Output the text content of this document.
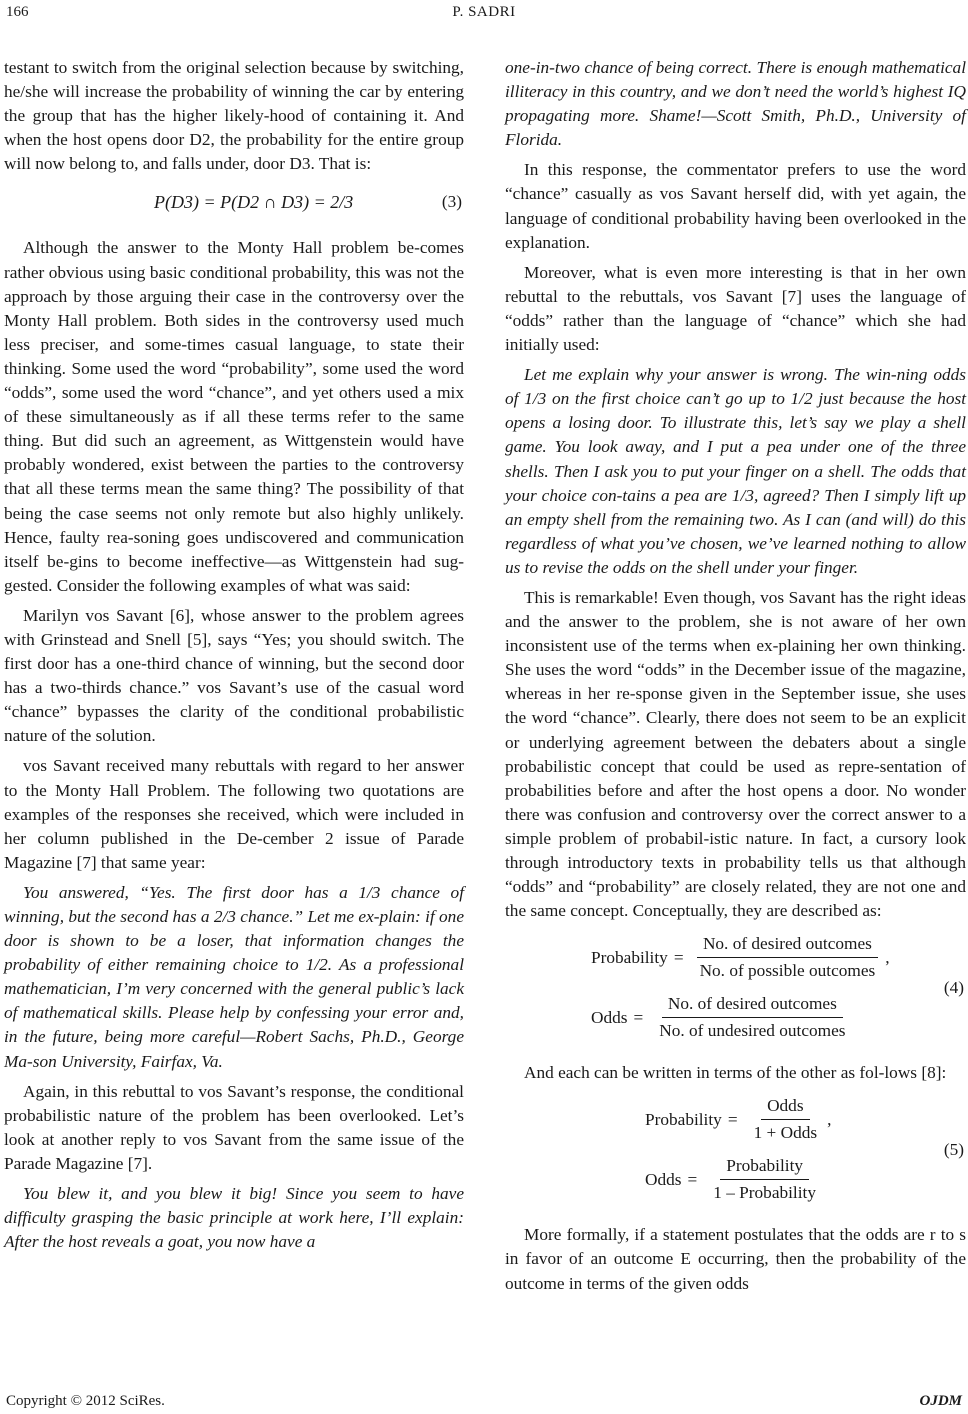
166	P. SADRI

testant to switch from the original selection because by switching, he/she will increase the probability of winning the car by entering the group that has the higher likely-hood of containing it. And when the host opens door D2, the probability for the entire group will now belong to, and falls under, door D3. That is:

P(D3) = P(D2 ∩ D3) = 2/3	(3)

Although the answer to the Monty Hall problem be-comes rather obvious using basic conditional probability, this was not the approach by those arguing their case in the controversy over the Monty Hall problem. Both sides in the controversy used much less preciser, and some-times casual language, to state their thinking. Some used the word “probability”, some used the word “odds”, some used the word “chance”, and yet others used a mix of these simultaneously as if all these terms refer to the same thing. But did such an agreement, as Wittgenstein would have probably wondered, exist between the parties to the controversy that all these terms mean the same thing? The possibility of that being the case seems not only remote but also highly unlikely. Hence, faulty rea-soning goes undiscovered and communication itself be-gins to become ineffective—as Wittgenstein had sug-gested. Consider the following examples of what was said:

Marilyn vos Savant [6], whose answer to the problem agrees with Grinstead and Snell [5], says “Yes; you should switch. The first door has a one-third chance of winning, but the second door has a two-thirds chance.” vos Savant’s use of the casual word “chance” bypasses the clarity of the conditional probabilistic nature of the solution.

vos Savant received many rebuttals with regard to her answer to the Monty Hall Problem. The following two quotations are examples of the responses she received, which were included in her column published in the De-cember 2 issue of Parade Magazine [7] that same year:

You answered, “Yes. The first door has a 1/3 chance of winning, but the second has a 2/3 chance.” Let me ex-plain: if one door is shown to be a loser, that information changes the probability of either remaining choice to 1/2. As a professional mathematician, I’m very concerned with the general public’s lack of mathematical skills. Please help by confessing your error and, in the future, being more careful—Robert Sachs, Ph.D., George Ma-son University, Fairfax, Va.

Again, in this rebuttal to vos Savant’s response, the conditional probabilistic nature of the problem has been overlooked. Let’s look at another reply to vos Savant from the same issue of the Parade Magazine [7].

You blew it, and you blew it big! Since you seem to have difficulty grasping the basic principle at work here, I’ll explain: After the host reveals a goat, you now have a

one-in-two chance of being correct. There is enough mathematical illiteracy in this country, and we don’t need the world’s highest IQ propagating more. Shame!—Scott Smith, Ph.D., University of Florida.

In this response, the commentator prefers to use the word “chance” casually as vos Savant herself did, with yet again, the language of conditional probability having been overlooked in the explanation.

Moreover, what is even more interesting is that in her own rebuttal to the rebuttals, vos Savant [7] uses the language of “odds” rather than the language of “chance” which she had initially used:

Let me explain why your answer is wrong. The win-ning odds of 1/3 on the first choice can’t go up to 1/2 just because the host opens a losing door. To illustrate this, let’s say we play a shell game. You look away, and I put a pea under one of the three shells. Then I ask you to put your finger on a shell. The odds that your choice con-tains a pea are 1/3, agreed? Then I simply lift up an empty shell from the remaining two. As I can (and will) do this regardless of what you’ve chosen, we’ve learned nothing to allow us to revise the odds on the shell under your finger.

This is remarkable! Even though, vos Savant has the right ideas and the answer to the problem, she is not aware of her own inconsistent use of the terms when ex-plaining her own thinking. She uses the word “odds” in the December issue of the magazine, whereas in her re-sponse given in the September issue, she uses the word “chance”. Clearly, there does not seem to be an explicit or underlying agreement between the debaters about a single probabilistic concept that could be used as repre-sentation of probabilities before and after the host opens a door. No wonder there was confusion and controversy over the correct answer to a simple problem of probabil-istic nature. In fact, a cursory look through introductory texts in probability tells us that although “odds” and “probability” are closely related, they are not one and the same concept. Conceptually, they are described as:

Probability = $\frac{\text{No. of desired outcomes}}{\text{No. of possible outcomes}}$ ,
Odds = $\frac{\text{No. of desired outcomes}}{\text{No. of undesired outcomes}}$
(4)

And each can be written in terms of the other as fol-lows [8]:

Probability = $\frac{\text{Odds}}{\text{1 + Odds}}$ ,
Odds = $\frac{\text{Probability}}{\text{1 – Probability}}$
(5)

More formally, if a statement postulates that the odds are r to s in favor of an outcome E occurring, then the probability of the outcome in terms of the given odds

Copyright © 2012 SciRes.	OJDM
